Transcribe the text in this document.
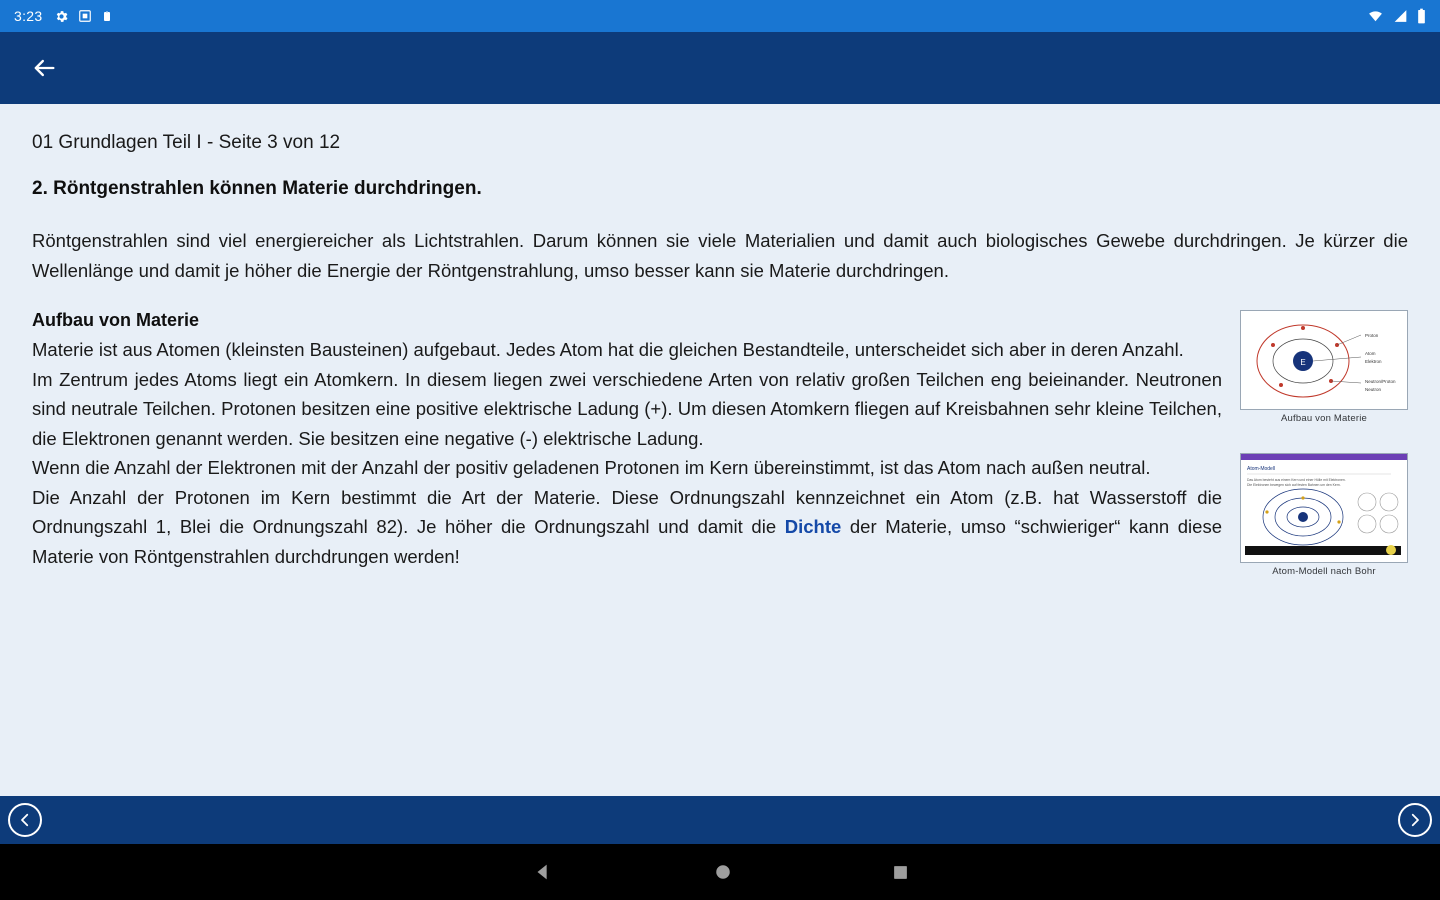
3:23
01 Grundlagen Teil I - Seite 3 von 12
2. Röntgenstrahlen können Materie durchdringen.
Röntgenstrahlen sind viel energiereicher als Lichtstrahlen. Darum können sie viele Materialien und damit auch biologisches Gewebe durchdringen. Je kürzer die Wellenlänge und damit je höher die Energie der Röntgenstrahlung, umso besser kann sie Materie durchdringen.
E
Proton
Atom
Elektron
Neutron/Proton
Neutron
Aufbau von Materie
Aufbau von Materie
Materie ist aus Atomen (kleinsten Bausteinen) aufgebaut. Jedes Atom hat die gleichen Bestandteile, unterscheidet sich aber in deren Anzahl.
Im Zentrum jedes Atoms liegt ein Atomkern. In diesem liegen zwei verschiedene Arten von relativ großen Teilchen eng beieinander. Neutronen sind neutrale Teilchen. Protonen besitzen eine positive elektrische Ladung (+). Um diesen Atomkern fliegen auf Kreisbahnen sehr kleine Teilchen, die Elektronen genannt werden. Sie besitzen eine negative (-) elektrische Ladung.
Atom-Modell
Das Atom besteht aus einem Kern und einer Hülle mit Elektronen.
Die Elektronen bewegen sich auf festen Bahnen um den Kern.
Atom-Modell nach Bohr
Wenn die Anzahl der Elektronen mit der Anzahl der positiv geladenen Protonen im Kern übereinstimmt, ist das Atom nach außen neutral.
Die Anzahl der Protonen im Kern bestimmt die Art der Materie. Diese Ordnungszahl kennzeichnet ein Atom (z.B. hat Wasserstoff die Ordnungszahl 1, Blei die Ordnungszahl 82). Je höher die Ordnungszahl und damit die Dichte der Materie, umso “schwieriger“ kann diese Materie von Röntgenstrahlen durchdrungen werden!
